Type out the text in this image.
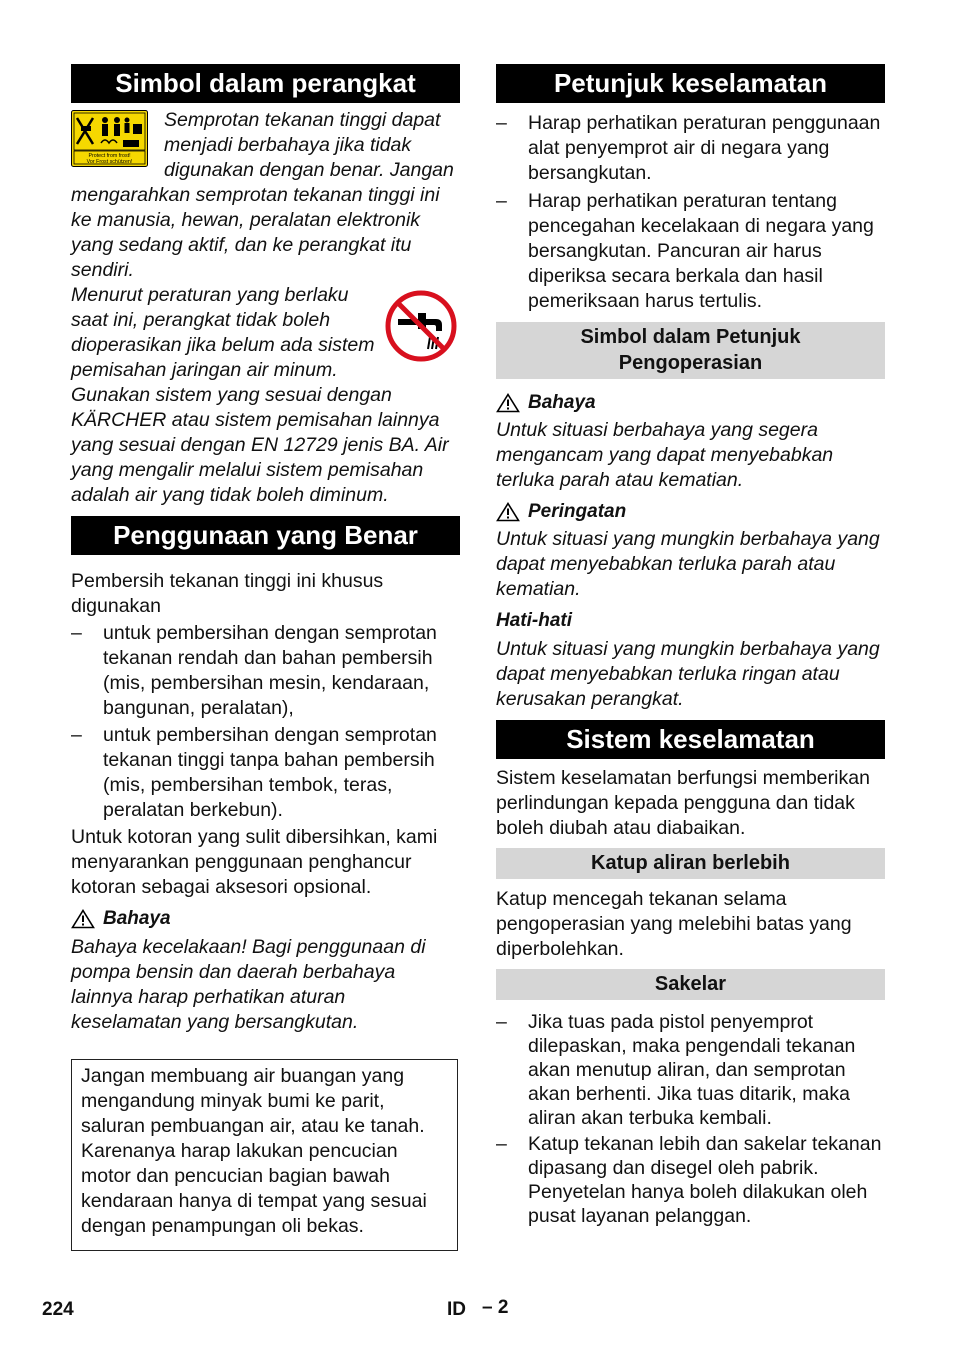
Simbol dalam perangkat
Protect from frost!
Vor Frost schützen!

Semprotan tekanan tinggi dapat menjadi berbahaya jika tidak digunakan dengan benar. Jangan mengarahkan semprotan tekanan tinggi ini ke manusia, hewan, peralatan elektronik yang sedang aktif, dan ke perangkat itu sendiri.

Menurut peraturan yang berlaku saat ini, perangkat tidak boleh dioperasikan jika belum ada sistem pemisahan jaringan air minum. Gunakan sistem yang sesuai dengan KÄRCHER atau sistem pemisahan lainnya yang sesuai dengan EN 12729 jenis BA. Air yang mengalir melalui sistem pemisahan adalah air yang tidak boleh diminum.

Penggunaan yang Benar

Pembersih tekanan tinggi ini khusus digunakan

– untuk pembersihan dengan semprotan tekanan rendah dan bahan pembersih (mis, pembersihan mesin, kendaraan, bangunan, peralatan),
– untuk pembersihan dengan semprotan tekanan tinggi tanpa bahan pembersih (mis, pembersihan tembok, teras, peralatan berkebun).

Untuk kotoran yang sulit dibersihkan, kami menyarankan penggunaan penghancur kotoran sebagai aksesori opsional.

Bahaya

Bahaya kecelakaan! Bagi penggunaan di pompa bensin dan daerah berbahaya lainnya harap perhatikan aturan keselamatan yang bersangkutan.

Jangan membuang air buangan yang mengandung minyak bumi ke parit, saluran pembuangan air, atau ke tanah. Karenanya harap lakukan pencucian motor dan pencucian bagian bawah kendaraan hanya di tempat yang sesuai dengan penampungan oli bekas.
Petunjuk keselamatan
– Harap perhatikan peraturan penggunaan alat penyemprot air di negara yang bersangkutan.
– Harap perhatikan peraturan tentang pencegahan kecelakaan di negara yang bersangkutan. Pancuran air harus diperiksa secara berkala dan hasil pemeriksaan harus tertulis.
Simbol dalam Petunjuk Pengoperasian
Bahaya

Untuk situasi berbahaya yang segera mengancam yang dapat menyebabkan terluka parah atau kematian.

Peringatan

Untuk situasi yang mungkin berbahaya yang dapat menyebabkan terluka parah atau kematian.

Hati-hati

Untuk situasi yang mungkin berbahaya yang dapat menyebabkan terluka ringan atau kerusakan perangkat.

Sistem keselamatan

Sistem keselamatan berfungsi memberikan perlindungan kepada pengguna dan tidak boleh diubah atau diabaikan.

Katup aliran berlebih

Katup mencegah tekanan selama pengoperasian yang melebihi batas yang diperbolehkan.

Sakelar
– Jika tuas pada pistol penyemprot dilepaskan, maka pengendali tekanan akan menutup aliran, dan semprotan akan berhenti. Jika tuas ditarik, maka aliran akan terbuka kembali.
– Katup tekanan lebih dan sakelar tekanan dipasang dan disegel oleh pabrik. Penyetelan hanya boleh dilakukan oleh pusat layanan pelanggan.
224	ID – 2
